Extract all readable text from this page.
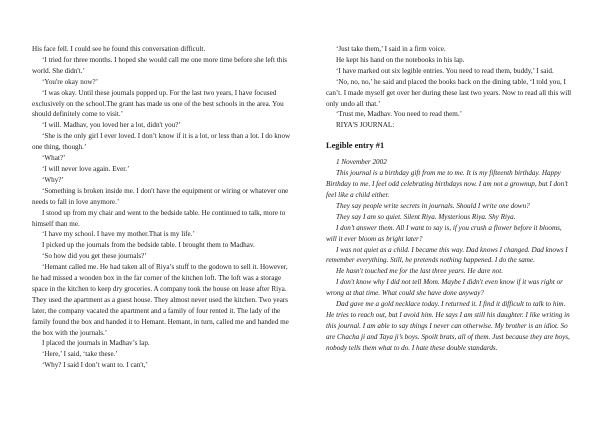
His face fell. I could see he found this conversation difficult.

‘I tried for three months. I hoped she would call me one more time before she left this world. She didn't.’

‘You're okay now?’

‘I was okay. Until these journals popped up. For the last two years, I have focused exclusively on the school.The grant has made us one of the best schools in the area. You should definitely come to visit.’

‘I will. Madhav, you loved her a lot, didn't you?’

‘She is the only girl I ever loved. I don’t know if it is a lot, or less than a lot. I do know one thing, though.’

‘What?’

‘I will never love again. Ever.’

‘Why?’

‘Something is broken inside me. I don't have the equipment or wiring or whatever one needs to fall in love anymore.’

I stood up from my chair and went to the bedside table. He continued to talk, more to himself than me.

‘I have my school. I have my mother.That is my life.’

I picked up the journals from the bedside table. I brought them to Madhav.

‘So how did you get these journals?’

‘Hemant called me. He had taken all of Riya’s stuff to the godown to sell it. However, he had missed a wooden box in the far corner of the kitchen loft. The loft was a storage space in the kitchen to keep dry groceries. A company took the house on lease after Riya. They used the apartment as a guest house. They almost never used the kitchen. Two years later, the company vacated the apartment and a family of four rented it. The lady of the family found the box and handed it to Hemant. Hemant, in turn, called me and handed me the box with the journals.’

I placed the journals in Madhav’s lap.

‘Here,’ I said, ‘take these.’

‘Why? I said I don’t want to. I can't,’

‘Just take them,’ I said in a firm voice.

He kept his hand on the notebooks in his lap.

‘I have marked out six legible entries. You need to read them, buddy,’ I said.

‘No, no, no,’ he said and placed the books back on the dining table, ‘I told you, I can’t. I made myself get over her during these last two years. Now to read all this will only undo all that.’

‘Trust me, Madhav. You need to read them.’

RIYA'S JOURNAL:

Legible entry #1

1 November 2002

This journal is a birthday gift from me to me. It is my fifteenth birthday. Happy Birthday to me. I feel odd celebrating birthdays now. I am not a grownup, but I don’t feel like a child either.

They say people write secrets in journals. Should I write one down?

They say I am so quiet. Silent Riya. Mysterious Riya. Shy Riya.

I don’t answer them. All I want to say is, if you crush a flower before it blooms, will it ever bloom as bright later?

I was not quiet as a child. I became this way. Dad knows I changed. Dad knows I remember everything. Still, he pretends nothing happened. I do the same.

He hasn't touched me for the last three years. He dare not.

I don't know why I did not tell Mom. Maybe I didn't even know if it was right or wrong at that time. What could she have done anyway?

Dad gave me a gold necklace today. I returned it. I find it difficult to talk to him. He tries to reach out, but I avoid him. He says I am still his daughter. I like writing in this journal. I am able to say things I never can otherwise. My brother is an idiot. So are Chacha ji and Taya ji’s boys. Spoilt brats, all of them. Just because they are boys, nobody tells them what to do. I hate these double standards.
